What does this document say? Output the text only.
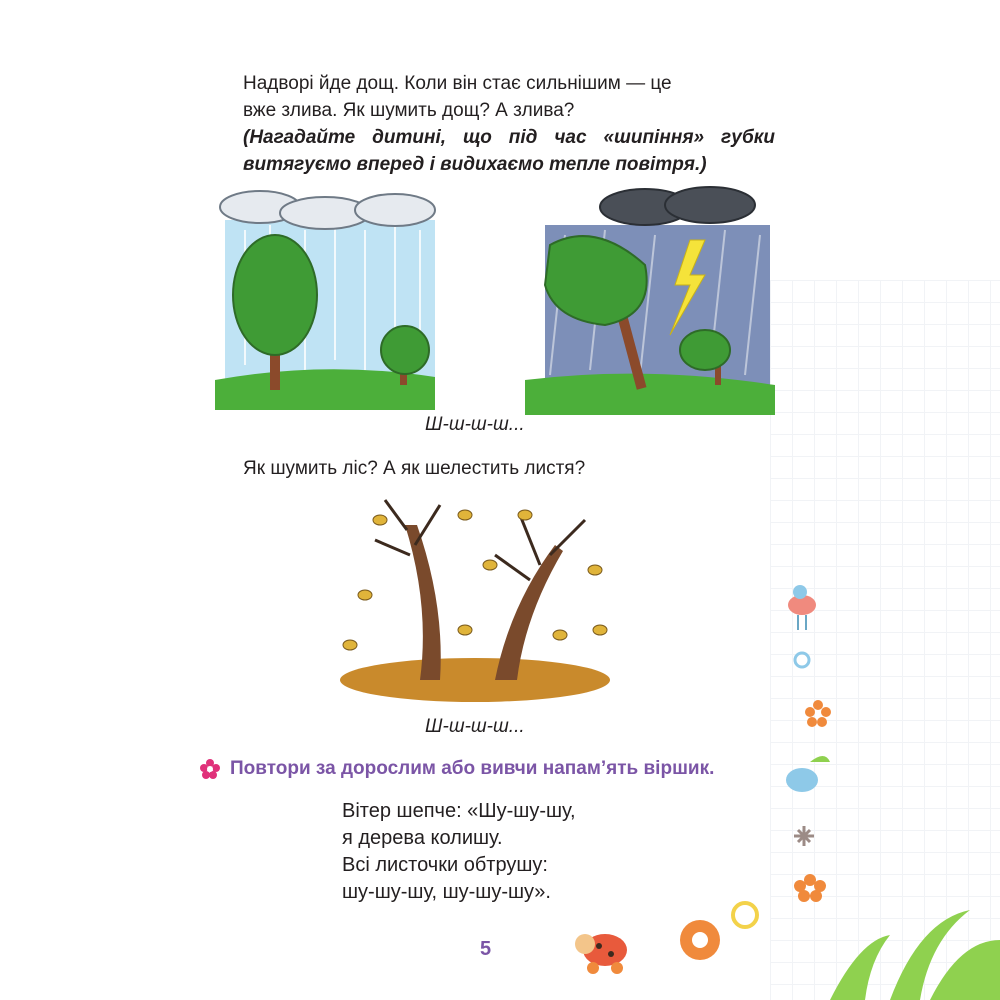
Надворі йде дощ. Коли він стає сильнішим — це
вже злива. Як шумить дощ? А злива?
(Нагадайте дитині, що під час «шипіння» губки витягуємо вперед і видихаємо тепле повітря.)
Ш-ш-ш-ш...
Як шумить ліс? А як шелестить листя?
Ш-ш-ш-ш...
Повтори за дорослим або вивчи напам’ять віршик.
Вітер шепче: «Шу-шу-шу,
я дерева колишу.
Всі листочки обтрушу:
шу-шу-шу, шу-шу-шу».
5
